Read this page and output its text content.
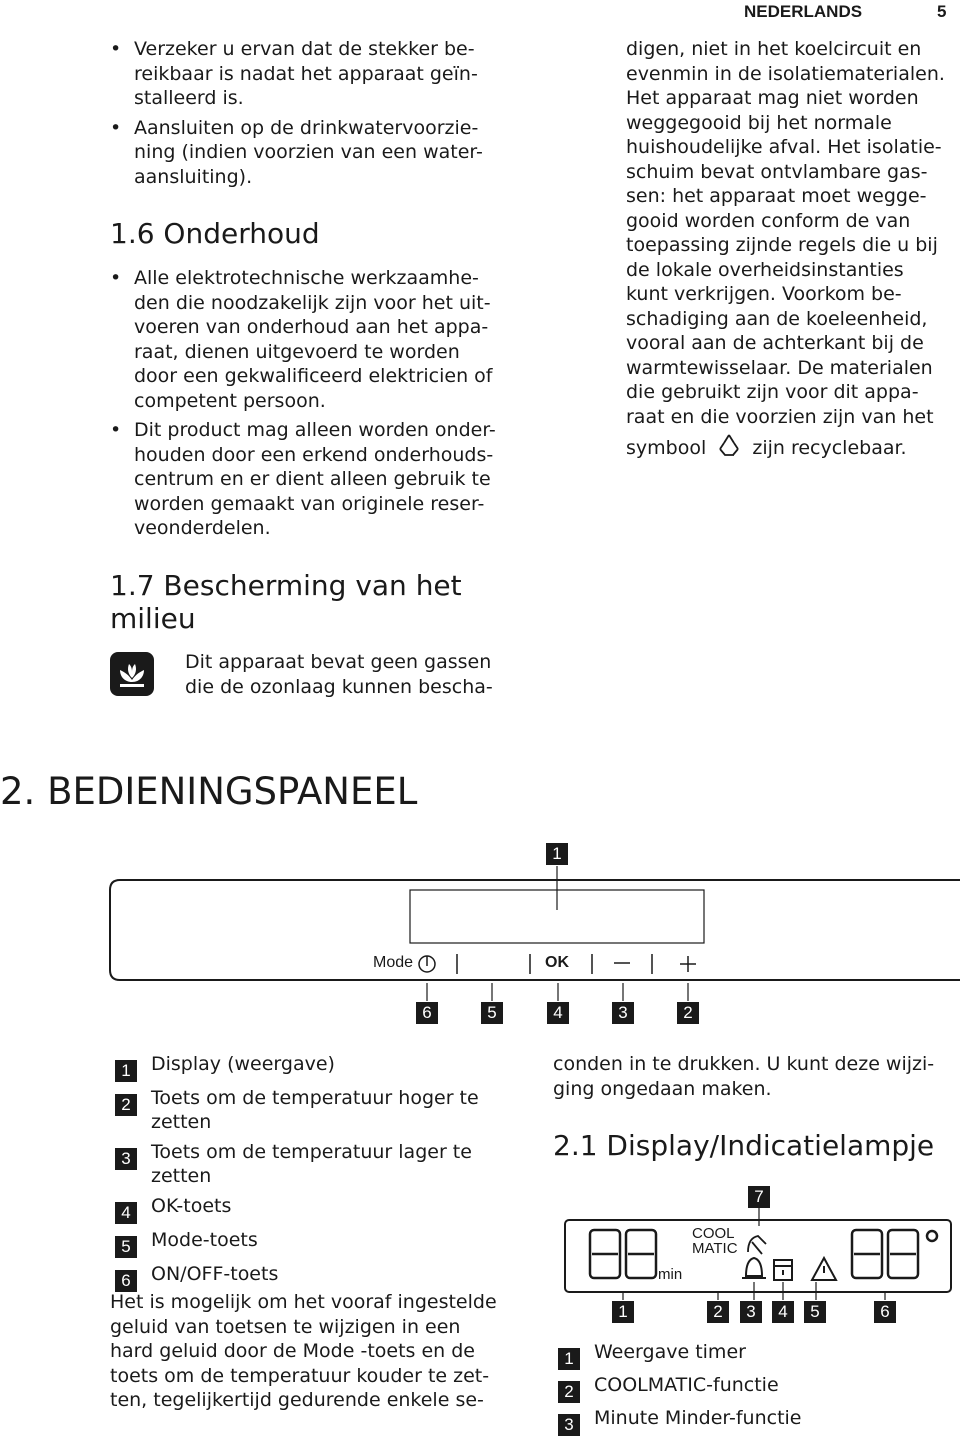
NEDERLANDS	5
• Verzeker u ervan dat de stekker be-
reikbaar is nadat het apparaat geïn-
stalleerd is.
• Aansluiten op de drinkwatervoorzie-
ning (indien voorzien van een water-
aansluiting).
1.6 Onderhoud
• Alle elektrotechnische werkzaamhe-
den die noodzakelijk zijn voor het uit-
voeren van onderhoud aan het appa-
raat, dienen uitgevoerd te worden
door een gekwalificeerd elektricien of
competent persoon.
• Dit product mag alleen worden onder-
houden door een erkend onderhouds-
centrum en er dient alleen gebruik te
worden gemaakt van originele reser-
veonderdelen.
1.7 Bescherming van het
milieu
Dit apparaat bevat geen gassen
die de ozonlaag kunnen bescha-
digen, niet in het koelcircuit en
evenmin in de isolatiematerialen.
Het apparaat mag niet worden
weggegooid bij het normale
huishoudelijke afval. Het isolatie-
schuim bevat ontvlambare gas-
sen: het apparaat moet wegge-
gooid worden conform de van
toepassing zijnde regels die u bij
de lokale overheidsinstanties
kunt verkrijgen. Voorkom be-
schadiging aan de koeleenheid,
vooral aan de achterkant bij de
warmtewisselaar. De materialen
die gebruikt zijn voor dit appa-
raat en die voorzien zijn van het
symbool zijn recyclebaar.
2. BEDIENINGSPANEEL
Mode	OK
1
6	5	4	3	2
1	Display (weergave)
2	Toets om de temperatuur hoger te
zetten
3	Toets om de temperatuur lager te
zetten
4	OK-toets
5	Mode-toets
6	ON/OFF-toets
Het is mogelijk om het vooraf ingestelde
geluid van toetsen te wijzigen in een
hard geluid door de Mode -toets en de
toets om de temperatuur kouder te zet-
ten, tegelijkertijd gedurende enkele se-
conden in te drukken. U kunt deze wijzi-
ging ongedaan maken.
2.1 Display/Indicatielampje
7
COOL
MATIC
min
1	2	3	4	5	6
1	Weergave timer
2	COOLMATIC-functie
3	Minute Minder-functie
